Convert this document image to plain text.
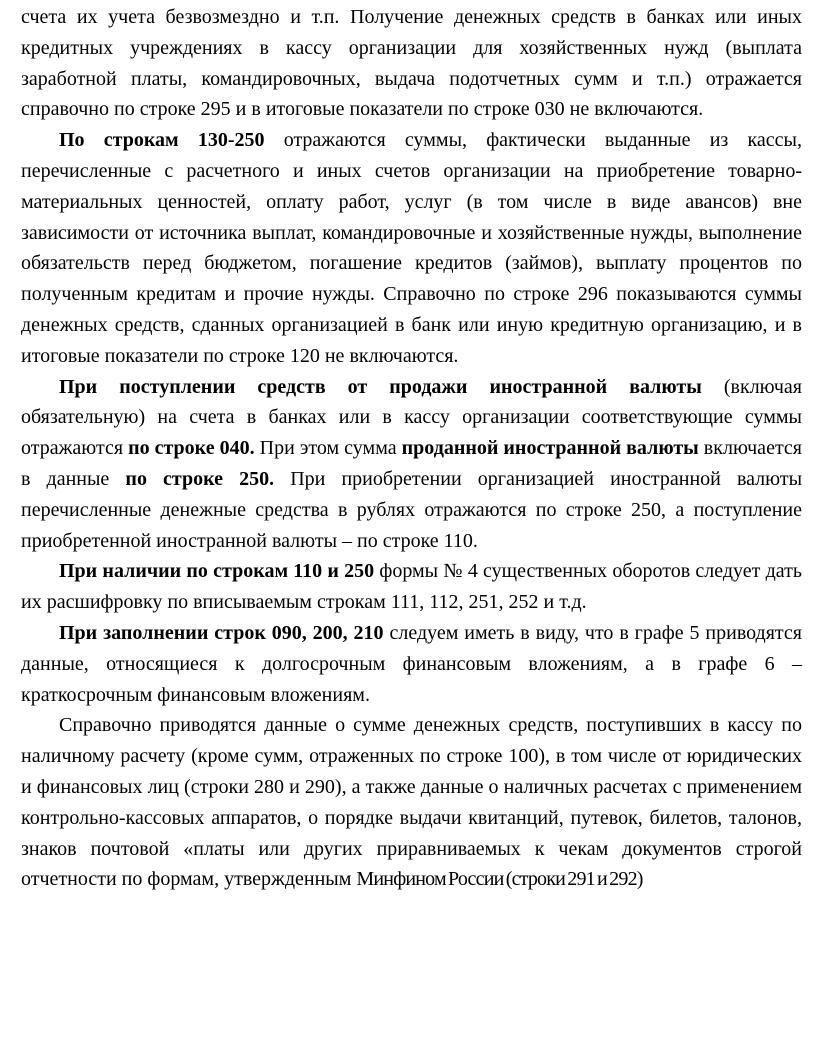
счета их учета безвозмездно и т.п. Получение денежных средств в банках или иных кредитных учреждениях в кассу организации для хозяйственных нужд (выплата заработной платы, командировочных, выдача подотчетных сумм и т.п.) отражается справочно по строке 295 и в итоговые показатели по строке 030 не включаются.

По строкам 130-250 отражаются суммы, фактически выданные из кассы, перечисленные с расчетного и иных счетов организации на приобретение товарно-материальных ценностей, оплату работ, услуг (в том числе в виде авансов) вне зависимости от источника выплат, командировочные и хозяйственные нужды, выполнение обязательств перед бюджетом, погашение кредитов (займов), выплату процентов по полученным кредитам и прочие нужды. Справочно по строке 296 показываются суммы денежных средств, сданных организацией в банк или иную кредитную организацию, и в итоговые показатели по строке 120 не включаются.

При поступлении средств от продажи иностранной валюты (включая обязательную) на счета в банках или в кассу организации соответствующие суммы отражаются по строке 040. При этом сумма проданной иностранной валюты включается в данные по строке 250. При приобретении организацией иностранной валюты перечисленные денежные средства в рублях отражаются по строке 250, а поступление приобретенной иностранной валюты – по строке 110.

При наличии по строкам 110 и 250 формы № 4 существенных оборотов следует дать их расшифровку по вписываемым строкам 111, 112, 251, 252 и т.д.

При заполнении строк 090, 200, 210 следуем иметь в виду, что в графе 5 приводятся данные, относящиеся к долгосрочным финансовым вложениям, а в графе 6 – краткосрочным финансовым вложениям.

Справочно приводятся данные о сумме денежных средств, поступивших в кассу по наличному расчету (кроме сумм, отраженных по строке 100), в том числе от юридических и финансовых лиц (строки 280 и 290), а также данные о наличных расчетах с применением контрольно-кассовых аппаратов, о порядке выдачи квитанций, путевок, билетов, талонов, знаков почтовой «платы или других приравниваемых к чекам документов строгой отчетности по формам, утвержденным Минфином России (строки 291 и 292)
